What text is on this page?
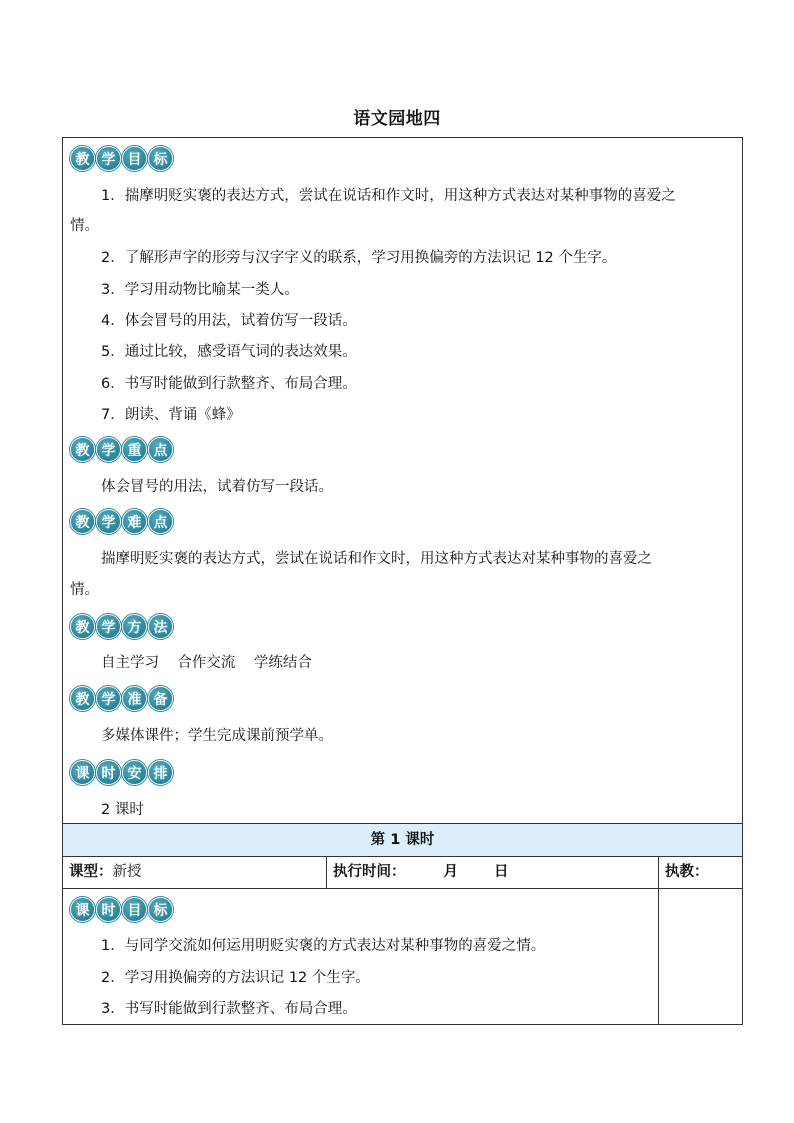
语文园地四
教 学 目 标
1．揣摩明贬实褒的表达方式，尝试在说话和作文时，用这种方式表达对某种事物的喜爱之
情。
2．了解形声字的形旁与汉字字义的联系，学习用换偏旁的方法识记 12 个生字。
3．学习用动物比喻某一类人。
4．体会冒号的用法，试着仿写一段话。
5．通过比较，感受语气词的表达效果。
6．书写时能做到行款整齐、布局合理。
7．朗读、背诵《蜂》
教 学 重 点
体会冒号的用法，试着仿写一段话。
教 学 难 点
揣摩明贬实褒的表达方式，尝试在说话和作文时，用这种方式表达对某种事物的喜爱之
情。
教 学 方 法
自主学习    合作交流    学练结合
教 学 准 备
多媒体课件；学生完成课前预学单。
课 时 安 排
2 课时
第 1 课时
课型：新授	执行时间：	月 日	执教：
课 时 目 标
1．与同学交流如何运用明贬实褒的方式表达对某种事物的喜爱之情。
2．学习用换偏旁的方法识记 12 个生字。
3．书写时能做到行款整齐、布局合理。
